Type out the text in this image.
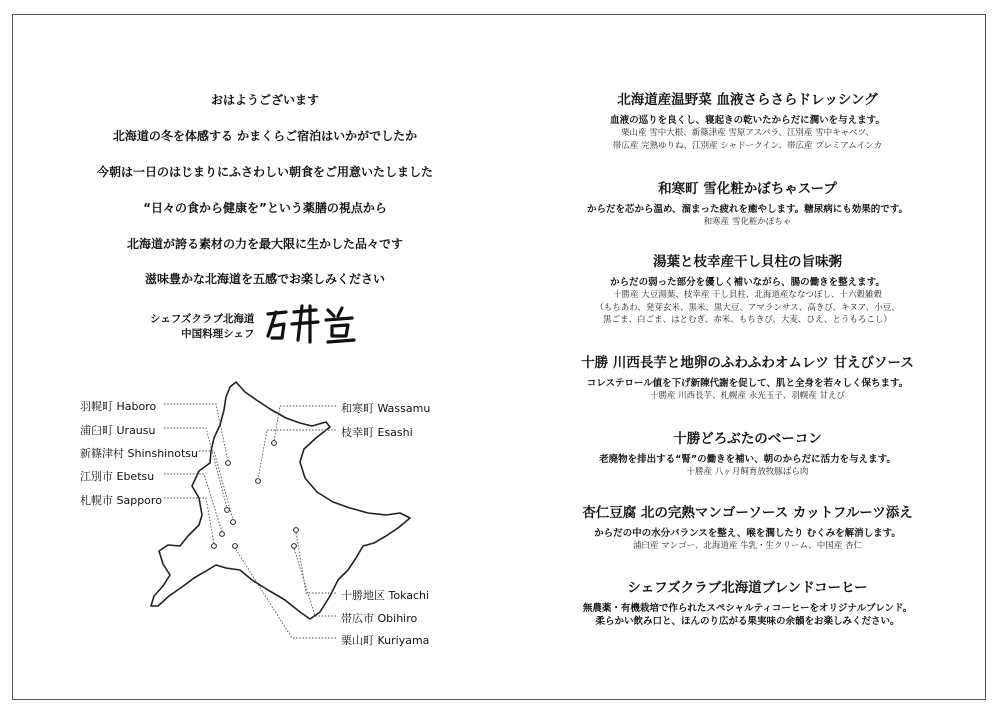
おはようございます
北海道の冬を体感する かまくらご宿泊はいかがでしたか
今朝は一日のはじまりにふさわしい朝食をご用意いたしました
“日々の食から健康を”という薬膳の視点から
北海道が誇る素材の力を最大限に生かした品々です
滋味豊かな北海道を五感でお楽しみください
シェフズクラブ北海道
中国料理シェフ
羽幌町 Haboro
浦臼町 Urausu
新篠津村 Shinshinotsu
江別市 Ebetsu
札幌市 Sapporo
和寒町 Wassamu
枝幸町 Esashi
十勝地区 Tokachi
帯広市 Obihiro
栗山町 Kuriyama
北海道産温野菜 血液さらさらドレッシング
血液の巡りを良くし、寝起きの乾いたからだに潤いを与えます。
栗山産 雪中大根、新篠津産 雪原アスパラ、江別産 雪中キャベツ、
帯広産 完熟ゆりね、江別産 シャドークイン、帯広産 プレミアムインカ
和寒町 雪化粧かぼちゃスープ
からだを芯から温め、溜まった疲れを癒やします。糖尿病にも効果的です。
和寒産 雪化粧かぼちゃ
湯葉と枝幸産干し貝柱の旨味粥
からだの弱った部分を優しく補いながら、腸の働きを整えます。
十勝産 大豆湯葉、枝幸産 干し貝柱、北海道産ななつぼし、十六穀雑穀
（もちあわ、発芽玄米、黒米、黒大豆、アマランサス、高きび、キヌア、小豆、
黒ごま、白ごま、はとむぎ、赤米、もちきび、大麦、ひえ、とうもろこし）
十勝 川西長芋と地卵のふわふわオムレツ 甘えびソース
コレステロール値を下げ新陳代謝を促して、肌と全身を若々しく保ちます。
十勝産 川西長芋、札幌産 永光玉子、羽幌産 甘えび
十勝どろぶたのベーコン
老廃物を排出する“腎”の働きを補い、朝のからだに活力を与えます。
十勝産 八ヶ月飼育放牧豚ばら肉
杏仁豆腐 北の完熟マンゴーソース カットフルーツ添え
からだの中の水分バランスを整え、喉を潤したり むくみを解消します。
浦臼産 マンゴー、北海道産 牛乳・生クリーム、中国産 杏仁
シェフズクラブ北海道ブレンドコーヒー
無農薬・有機栽培で作られたスペシャルティコーヒーをオリジナルブレンド。
柔らかい飲み口と、ほんのり広がる果実味の余韻をお楽しみください。
